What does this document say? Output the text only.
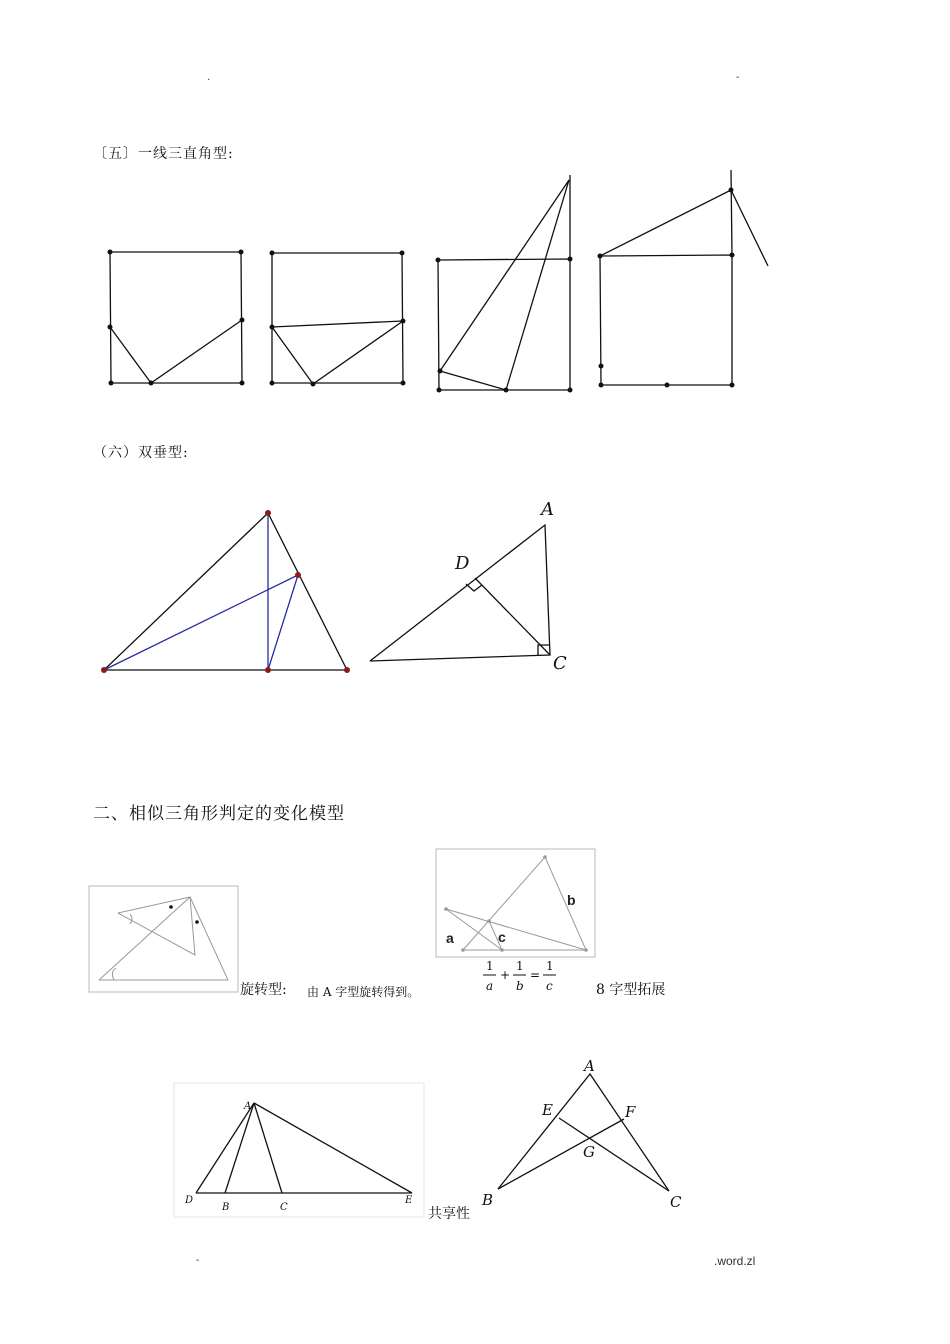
.	-
〔五〕一线三直角型:
（六）双垂型:
A
D
C
二、相似三角形判定的变化模型
旋转型: 由 A 字型旋转得到。
a
b
c
1
a
+
1
b
=
1
c	8 字型拓展
A
D
B	C
E
共享性
A
E	F
G
B	C
-	.word.zl
